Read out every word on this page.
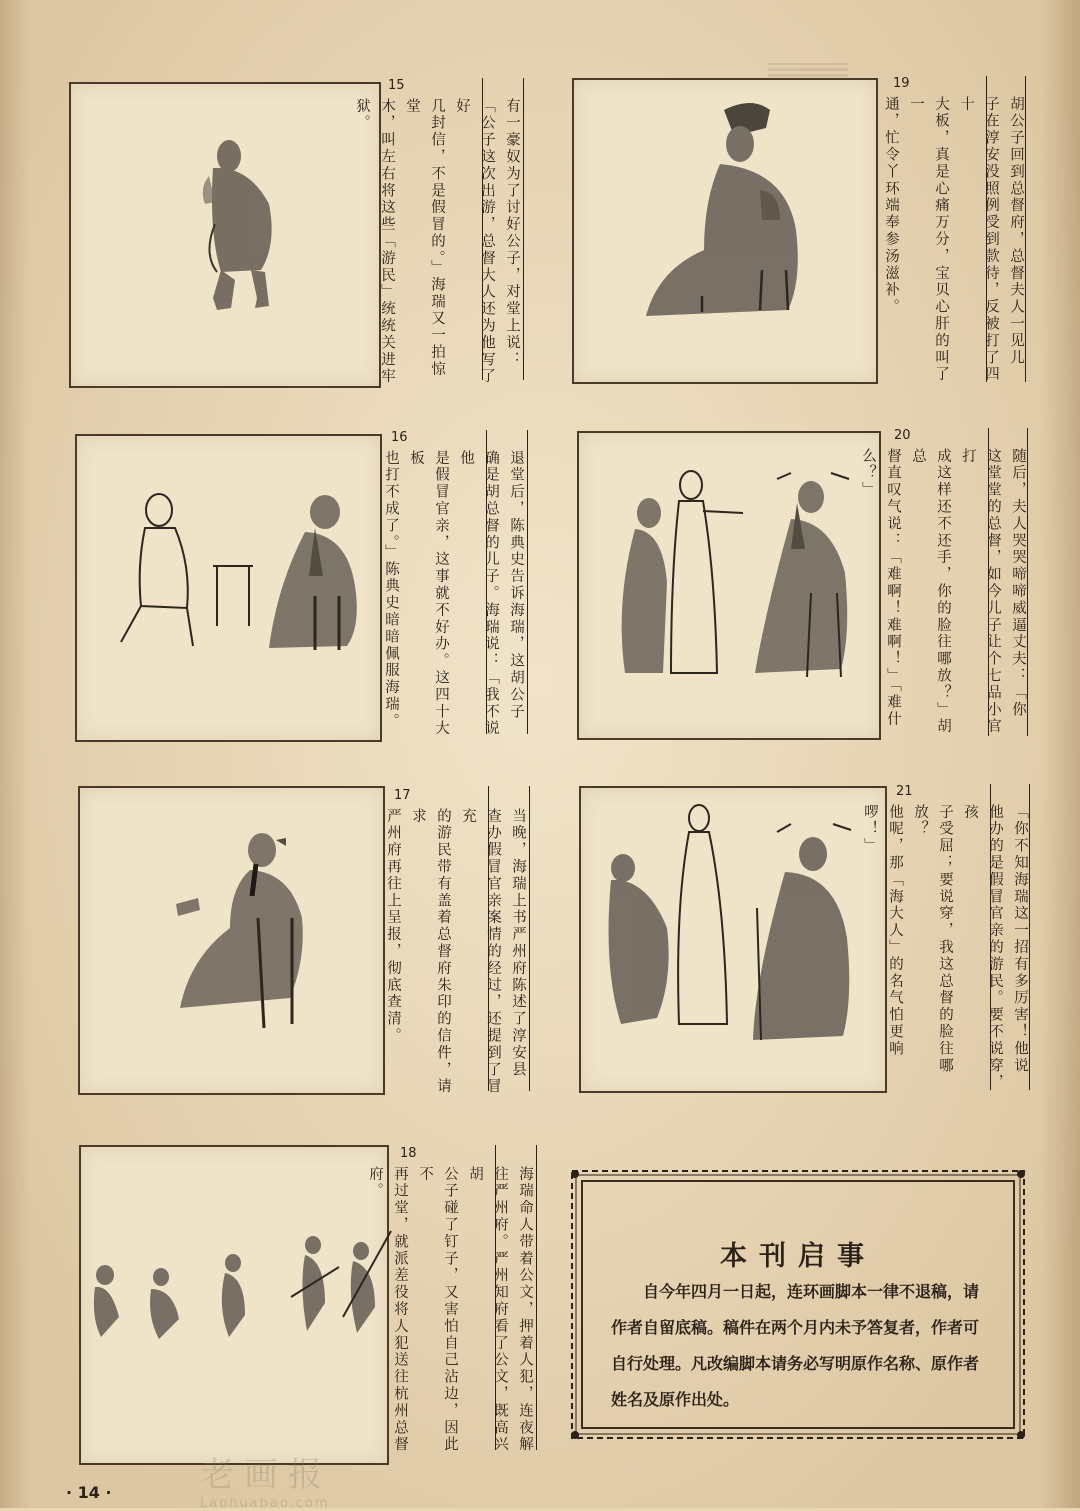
15
有一豪奴为了讨好公子，对堂上说：
「公子这次出游，总督大人还为他写了好
几封信，不是假冒的。」海瑞又一拍惊堂
木，叫左右将这些「游民」统统关进牢狱。
16
退堂后，陈典史告诉海瑞，这胡公子
确是胡总督的儿子。海瑞说：「我不说他
是假冒官亲，这事就不好办。这四十大板
也打不成了。」陈典史暗暗佩服海瑞。
17
当晚，海瑞上书严州府陈述了淳安县
查办假冒官亲案情的经过，还提到了冒充
的游民带有盖着总督府朱印的信件，请求
严州府再往上呈报，彻底查清。
18
海瑞命人带着公文，押着人犯，连夜解
往严州府。严州知府看了公文，既高兴胡
公子碰了钉子，又害怕自己沾边，因此不
再过堂，就派差役将人犯送往杭州总督府。
19
胡公子回到总督府，总督夫人一见儿
子在淳安没照例受到款待，反被打了四十
大板，真是心痛万分，宝贝心肝的叫了一
通，忙令丫环端奉参汤滋补。
20
随后，夫人哭哭啼啼威逼丈夫：「你
这堂堂的总督，如今儿子让个七品小官打
成这样还不还手，你的脸往哪放？」胡总
督直叹气说：「难啊！难啊！」「难什么？」
21
「你不知海瑞这一招有多厉害！他说
他办的是假冒官亲的游民。要不说穿，孩
子受屈；要说穿，我这总督的脸往哪放？
他呢，那「海大人」的名气怕更响啰！」
本刊启事
自今年四月一日起，连环画脚本一律不退稿，请作者自留底稿。稿件在两个月内未予答复者，作者可自行处理。凡改编脚本请务必写明原作名称、原作者姓名及原作出处。
· 14 ·	老画报
Laohuabao.com
